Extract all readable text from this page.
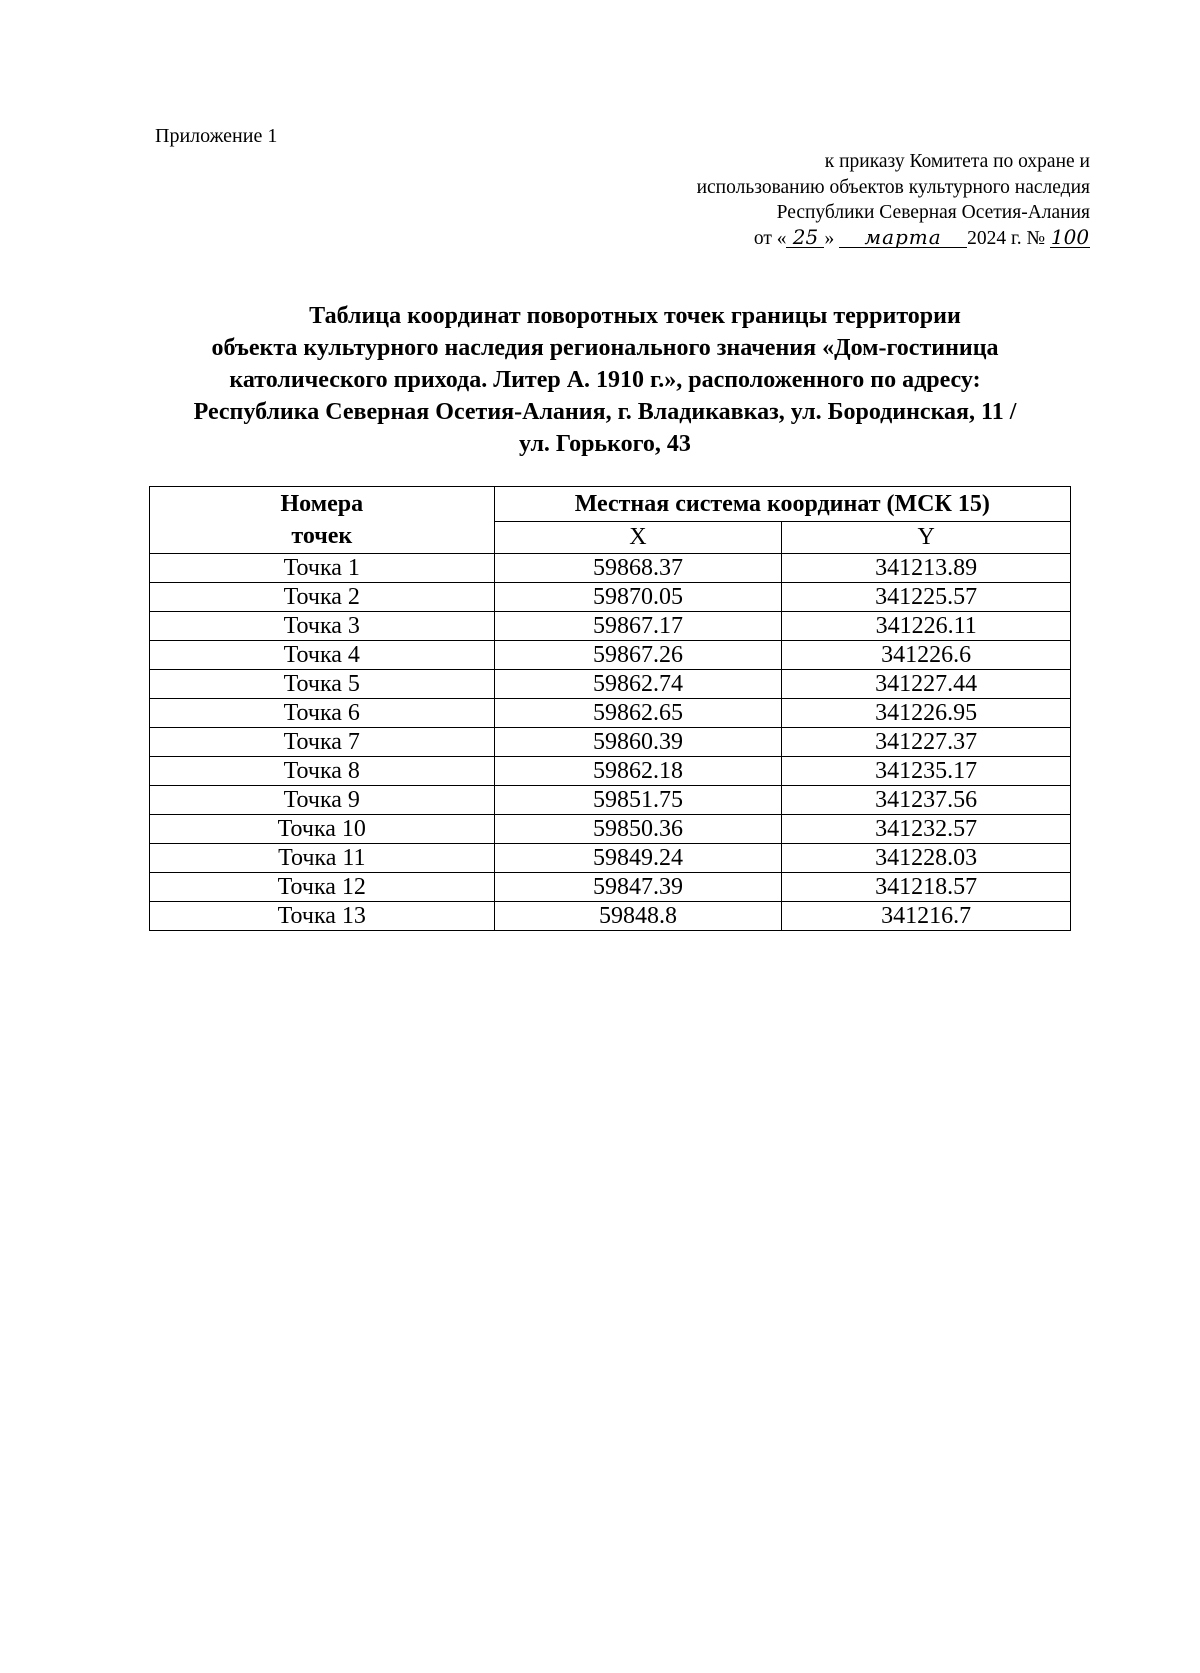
Приложение 1
к приказу Комитета по охране и
использованию объектов культурного наследия
Республики Северная Осетия-Алания
от « 25 » марта 2024 г. № 100
Таблица координат поворотных точек границы территории
объекта культурного наследия регионального значения «Дом-гостиница
католического прихода. Литер А. 1910 г.», расположенного по адресу:
Республика Северная Осетия-Алания, г. Владикавказ, ул. Бородинская, 11 /
ул. Горького, 43
Номера
точек	Местная система координат (МСК 15)	
	X	Y
Точка 1	59868.37	341213.89
Точка 2	59870.05	341225.57
Точка 3	59867.17	341226.11
Точка 4	59867.26	341226.6
Точка 5	59862.74	341227.44
Точка 6	59862.65	341226.95
Точка 7	59860.39	341227.37
Точка 8	59862.18	341235.17
Точка 9	59851.75	341237.56
Точка 10	59850.36	341232.57
Точка 11	59849.24	341228.03
Точка 12	59847.39	341218.57
Точка 13	59848.8	341216.7
